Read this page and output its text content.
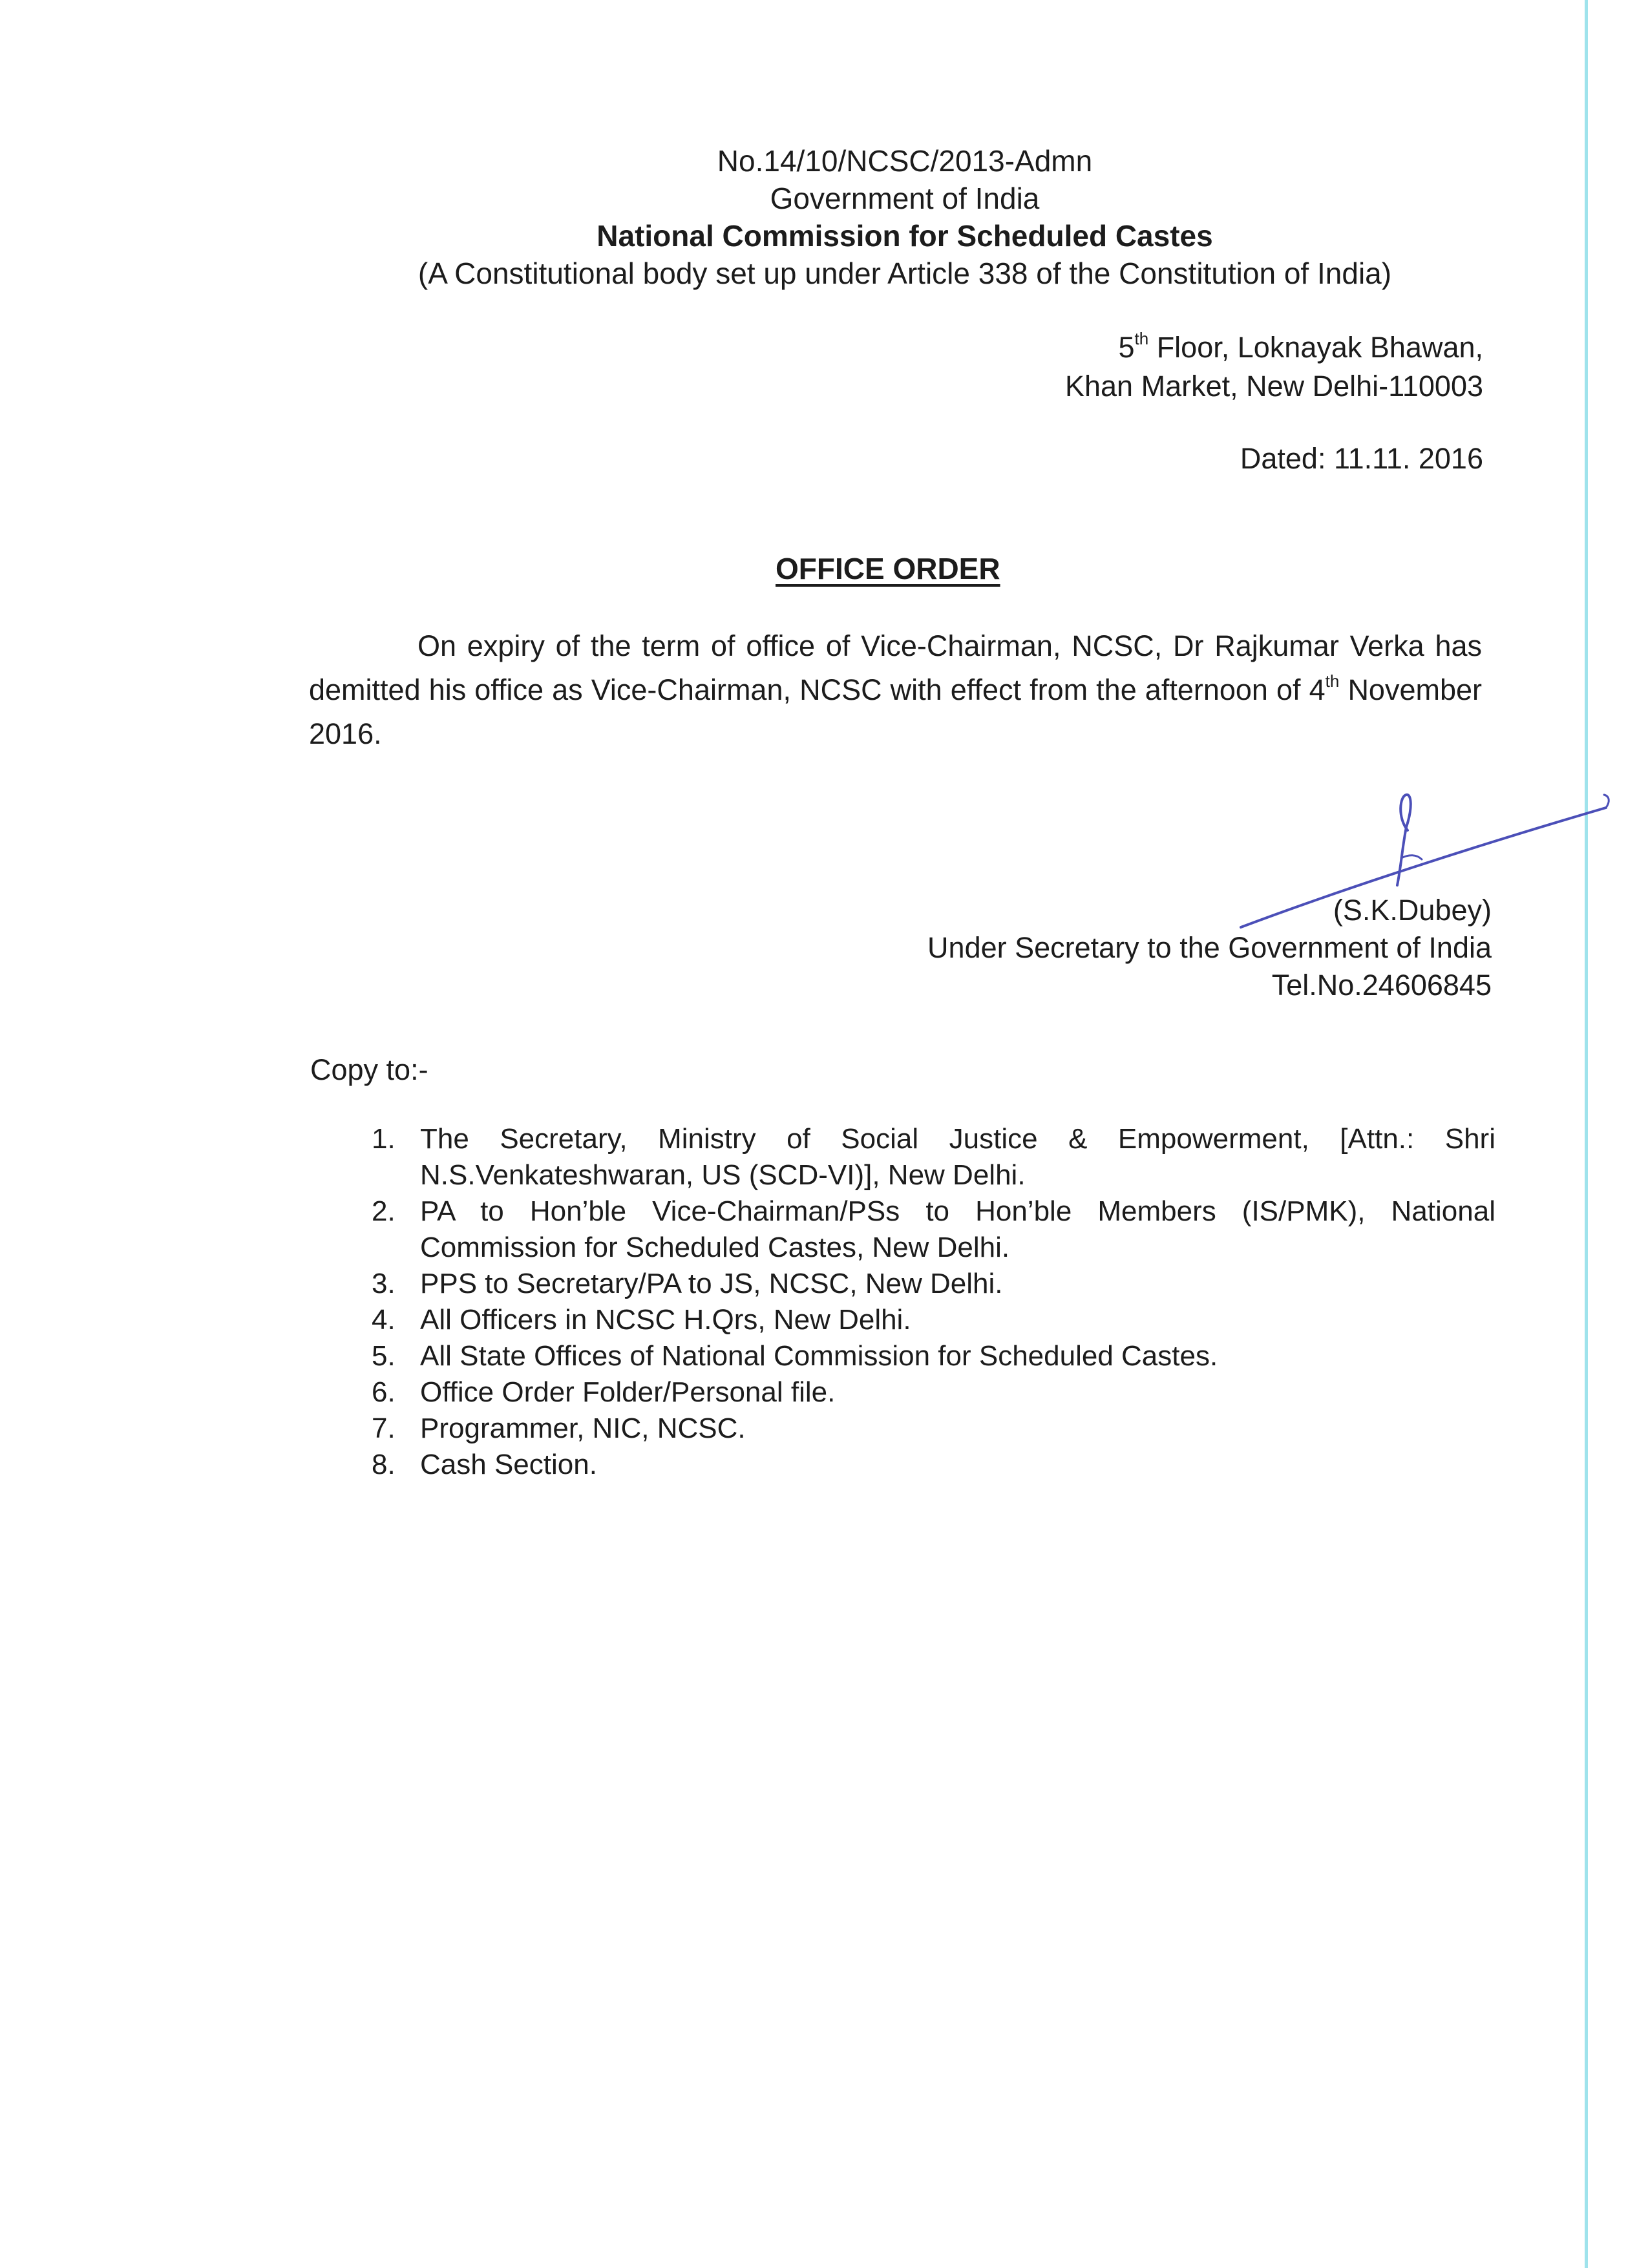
No.14/10/NCSC/2013-Admn
Government of India
National Commission for Scheduled Castes
(A Constitutional body set up under Article 338 of the Constitution of India)
5th Floor, Loknayak Bhawan,
Khan Market, New Delhi-110003
Dated: 11.11. 2016
OFFICE ORDER

On expiry of the term of office of Vice-Chairman, NCSC, Dr Rajkumar Verka has demitted his office as Vice-Chairman, NCSC with effect from the afternoon of 4th November 2016.

(S.K.Dubey)
Under Secretary to the Government of India
Tel.No.24606845
Copy to:-
1. The Secretary, Ministry of Social Justice & Empowerment, [Attn.: Shri N.S.Venkateshwaran, US (SCD-VI)], New Delhi.
2. PA to Hon’ble Vice-Chairman/PSs to Hon’ble Members (IS/PMK), National Commission for Scheduled Castes, New Delhi.
3. PPS to Secretary/PA to JS, NCSC, New Delhi.
4. All Officers in NCSC H.Qrs, New Delhi.
5. All State Offices of National Commission for Scheduled Castes.
6. Office Order Folder/Personal file.
7. Programmer, NIC, NCSC.
8. Cash Section.
